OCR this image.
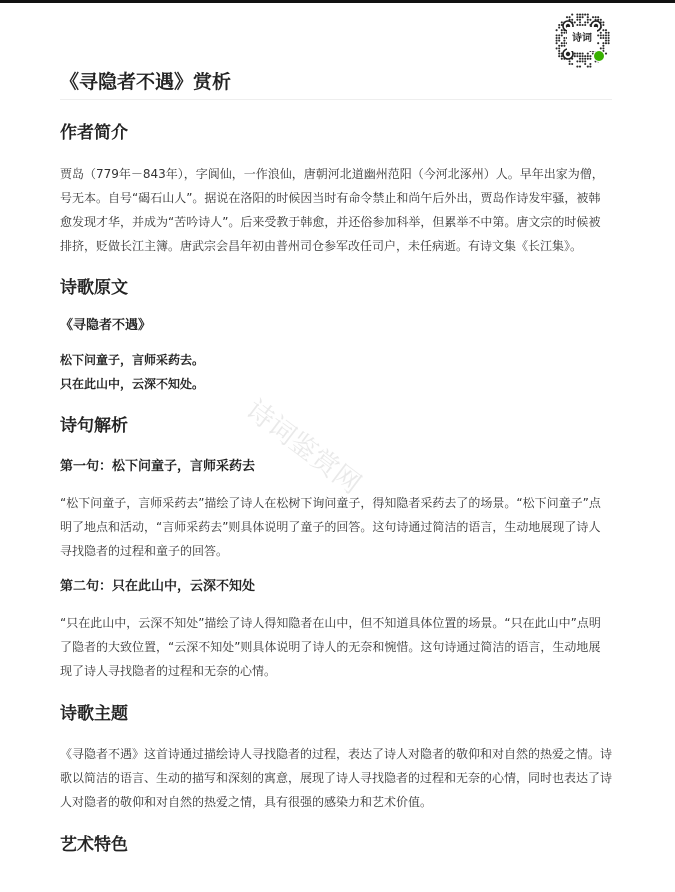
诗词
诗词鉴赏网
《寻隐者不遇》赏析
作者简介

贾岛（779年－843年），字阆仙，一作浪仙，唐朝河北道幽州范阳（今河北涿州）人。早年出家为僧，号无本。自号“碣石山人”。据说在洛阳的时候因当时有命令禁止和尚午后外出，贾岛作诗发牢骚，被韩愈发现才华，并成为“苦吟诗人”。后来受教于韩愈，并还俗参加科举，但累举不中第。唐文宗的时候被排挤，贬做长江主簿。唐武宗会昌年初由普州司仓参军改任司户，未任病逝。有诗文集《长江集》。

诗歌原文
《寻隐者不遇》

松下问童子，言师采药去。

只在此山中，云深不知处。

诗句解析
第一句：松下问童子，言师采药去

“松下问童子，言师采药去”描绘了诗人在松树下询问童子，得知隐者采药去了的场景。“松下问童子”点明了地点和活动，“言师采药去”则具体说明了童子的回答。这句诗通过简洁的语言，生动地展现了诗人寻找隐者的过程和童子的回答。

第二句：只在此山中，云深不知处

“只在此山中，云深不知处”描绘了诗人得知隐者在山中，但不知道具体位置的场景。“只在此山中”点明了隐者的大致位置，“云深不知处”则具体说明了诗人的无奈和惋惜。这句诗通过简洁的语言，生动地展现了诗人寻找隐者的过程和无奈的心情。

诗歌主题

《寻隐者不遇》这首诗通过描绘诗人寻找隐者的过程，表达了诗人对隐者的敬仰和对自然的热爱之情。诗歌以简洁的语言、生动的描写和深刻的寓意，展现了诗人寻找隐者的过程和无奈的心情，同时也表达了诗人对隐者的敬仰和对自然的热爱之情，具有很强的感染力和艺术价值。

艺术特色
